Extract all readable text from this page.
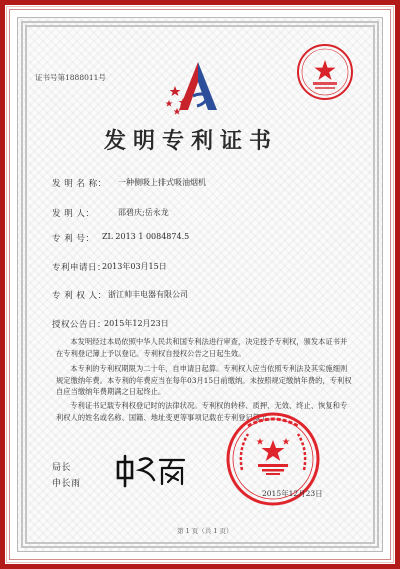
证书号第1888011号
发明专利证书
发 明 名 称： 一种侧吸上排式吸油烟机
发 明 人：	邵碧庆;岳永龙
专 利 号： ZL 2013 1 0084874.5
专利申请日：
2013年03月15日
专 利 权 人： 浙江帅丰电器有限公司
授权公告日：
2015年12月23日
本发明经过本局依照中华人民共和国专利法进行审查，决定授予专利权，颁发本证书并在专利登记簿上予以登记。专利权自授权公告之日起生效。
本专利的专利权期限为二十年，自申请日起算。专利权人应当依照专利法及其实施细则规定缴纳年费。本专利的年费应当在每年03月15日前缴纳。未按照规定缴纳年费的，专利权自应当缴纳年费期满之日起终止。
专利证书记载专利权登记时的法律状况。专利权的转移、质押、无效、终止、恢复和专利权人的姓名或名称、国籍、地址变更等事项记载在专利登记簿上。
局长
申长雨
2015年12月23日
第 1 页（共 1 页）
